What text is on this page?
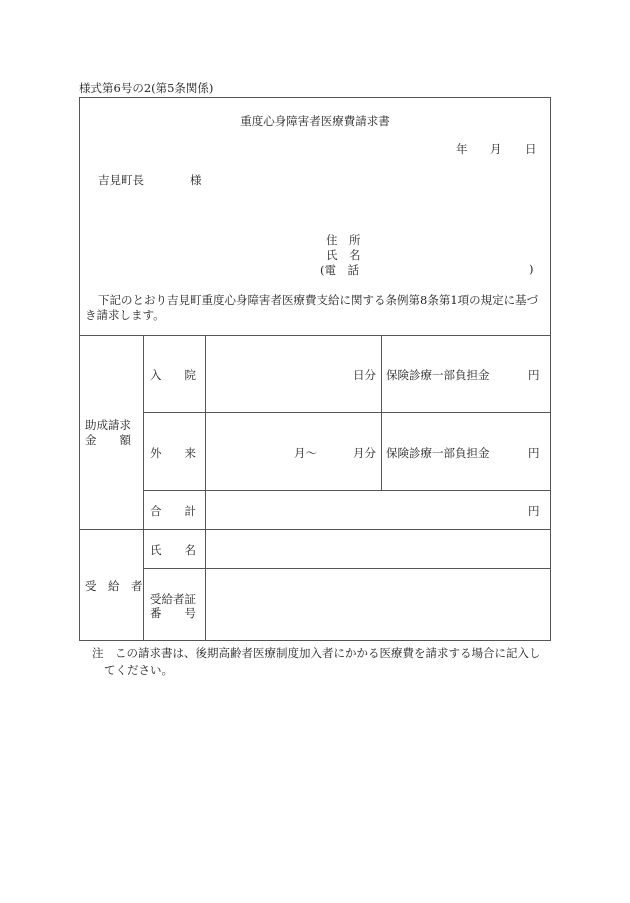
様式第6号の2(第5条関係)
重度心身障害者医療費請求書
年 月 日
吉見町長	様
住　所
氏　名
(電　話	)
下記のとおり吉見町重度心身障害者医療費支給に関する条例第8条第1項の規定に基づ
き請求します。
助成請求
金　　額
入　　院	日分 保険診療一部負担金	円
外　　来	月〜	月分 保険診療一部負担金	円
合　　計	円
受　給　者
氏　　名
受給者証
番　　号
注　この請求書は、後期高齢者医療制度加入者にかかる医療費を請求する場合に記入し
てください。
